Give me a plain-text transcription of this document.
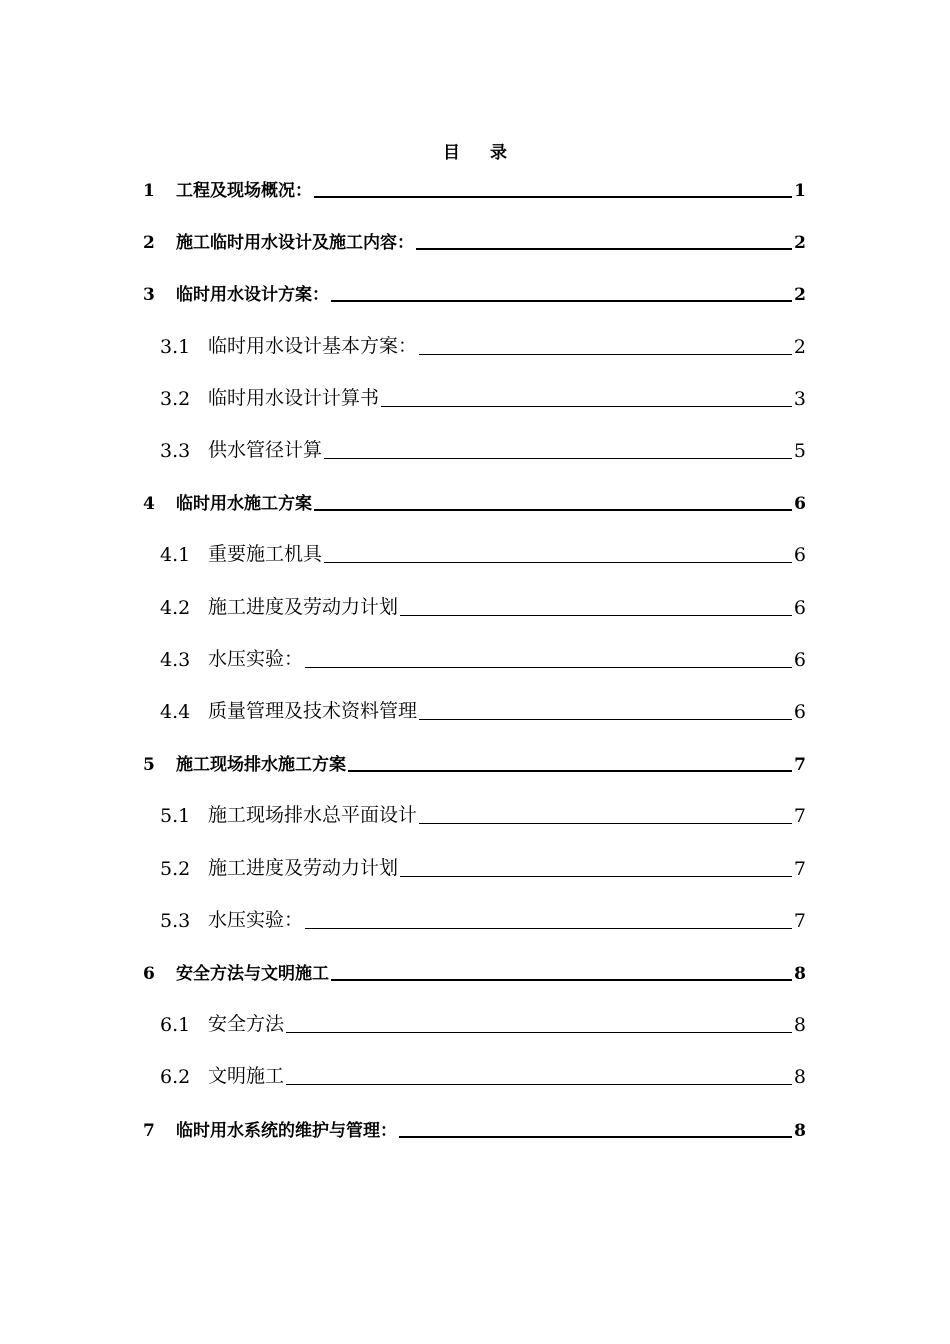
目 录
1	工程及现场概况：	1
2	施工临时用水设计及施工内容：	2
3	临时用水设计方案：	2
3.1 临时用水设计基本方案：	2
3.2 临时用水设计计算书	3
3.3 供水管径计算	5
4	临时用水施工方案	6
4.1 重要施工机具	6
4.2 施工进度及劳动力计划	6
4.3 水压实验：	6
4.4 质量管理及技术资料管理	6
5	施工现场排水施工方案	7
5.1 施工现场排水总平面设计	7
5.2 施工进度及劳动力计划	7
5.3 水压实验：	7
6	安全方法与文明施工	8
6.1 安全方法	8
6.2 文明施工	8
7	临时用水系统的维护与管理：	8
